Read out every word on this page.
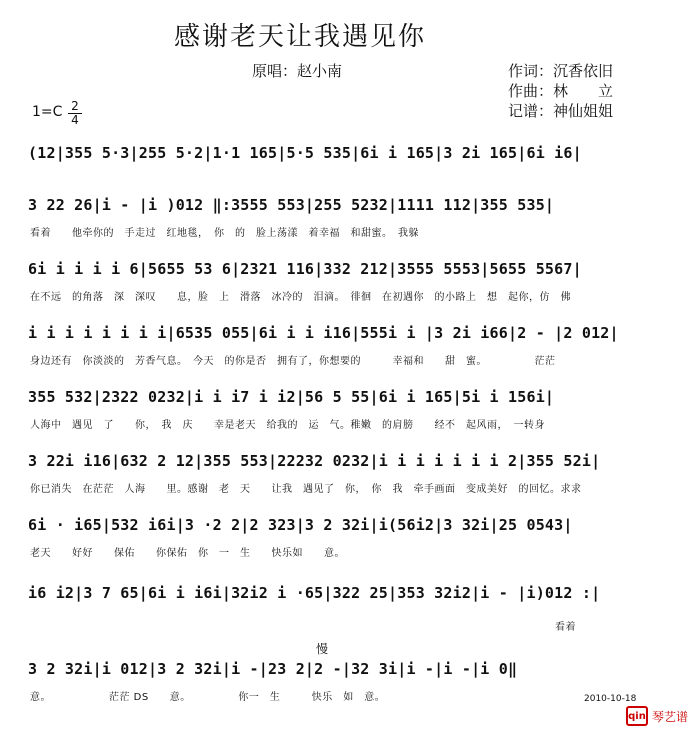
感谢老天让我遇见你
原唱：赵小南	作词：沉香依旧
作曲：林　　立
记谱：神仙姐姐
1=C 2
4
(12|355 5·3|255 5·2|1·1 165|5·5 535|6i i 165|3 2i 165|6i i6|
3 22 26|i - |i )012 ‖:3555 553|255 5232|1111 112|355 535|
看着　　他牵你的　手走过　红地毯，　你　的　脸上荡漾　着幸福　和甜蜜。　我躲
6i i i i i 6|5655 53 6|2321 116|332 212|3555 5553|5655 5567|
在不远　的角落　深　深叹　　息，脸　上　滑落　冰冷的　泪滴。　徘徊　在初遇你　的小路上　想　起你，仿　佛
i i i i i i i i|6535 055|6i i i i16|555i i |3 2i i66|2 - |2 012|
身边还有　你淡淡的　芳香气息。　今天　的你是否　拥有了，你想要的　　　幸福和　　甜　蜜。　　　　　茫茫
355 532|2322 0232|i i i7 i i2|56 5 55|6i i 165|5i i 156i|
人海中　遇见　了　　你，　我　庆　　幸是老天　给我的　运　气。稚嫩　的肩膀　　经不　起风雨，　一转身
3 22i i16|632 2 12|355 553|22232 0232|i i i i i i i 2|355 52i|
你已消失　在茫茫　人海　　里。感谢　老　天　　让我　遇见了　你，　你　我　牵手画面　变成美好　的回忆。求求
6i · i65|532 i6i|3 ·2 2|2 323|3 2 32i|i(56i2|3 32i|25 0543|
老天　　好好　　保佑　　你保佑　你　一　生　　快乐如　　意。
i6 i2|3 7 65|6i i i6i|32i2 i ·65|322 25|353 32i2|i - |i)012 :|
　　　　　　　　　　　　　　　　　　　　　　　　　　　　　　　　　　　　　　　　　　　　　　　　　　看着
慢
3 2 32i|i 012|3 2 32i|i -|23 2|2 -|32 3i|i -|i -|i 0‖
意。　　　　　　茫茫 DS　　意。　　　　　你一　生　　　快乐　如　意。	2010-10-18
qin 琴艺谱
